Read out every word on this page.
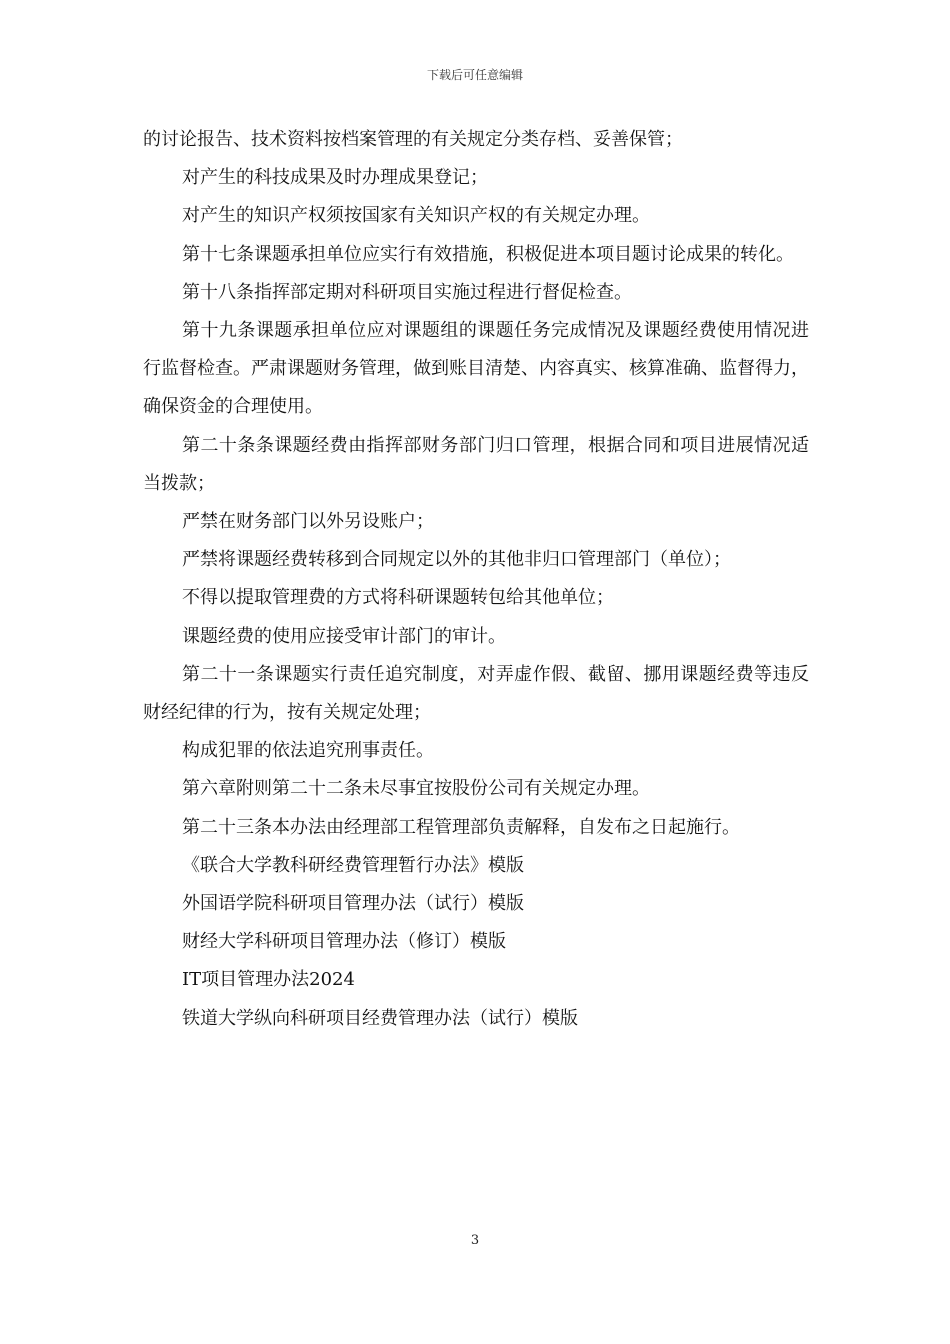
下载后可任意编辑

的讨论报告、技术资料按档案管理的有关规定分类存档、妥善保管；

对产生的科技成果及时办理成果登记；

对产生的知识产权须按国家有关知识产权的有关规定办理。

第十七条课题承担单位应实行有效措施，积极促进本项目题讨论成果的转化。

第十八条指挥部定期对科研项目实施过程进行督促检查。

第十九条课题承担单位应对课题组的课题任务完成情况及课题经费使用情况进行监督检查。严肃课题财务管理，做到账目清楚、内容真实、核算准确、监督得力，确保资金的合理使用。

第二十条条课题经费由指挥部财务部门归口管理，根据合同和项目进展情况适当拨款；

严禁在财务部门以外另设账户；

严禁将课题经费转移到合同规定以外的其他非归口管理部门（单位）；

不得以提取管理费的方式将科研课题转包给其他单位；

课题经费的使用应接受审计部门的审计。

第二十一条课题实行责任追究制度，对弄虚作假、截留、挪用课题经费等违反财经纪律的行为，按有关规定处理；

构成犯罪的依法追究刑事责任。

第六章附则第二十二条未尽事宜按股份公司有关规定办理。

第二十三条本办法由经理部工程管理部负责解释，自发布之日起施行。

《联合大学教科研经费管理暂行办法》模版

外国语学院科研项目管理办法（试行）模版

财经大学科研项目管理办法（修订）模版

IT项目管理办法2024

铁道大学纵向科研项目经费管理办法（试行）模版

3
